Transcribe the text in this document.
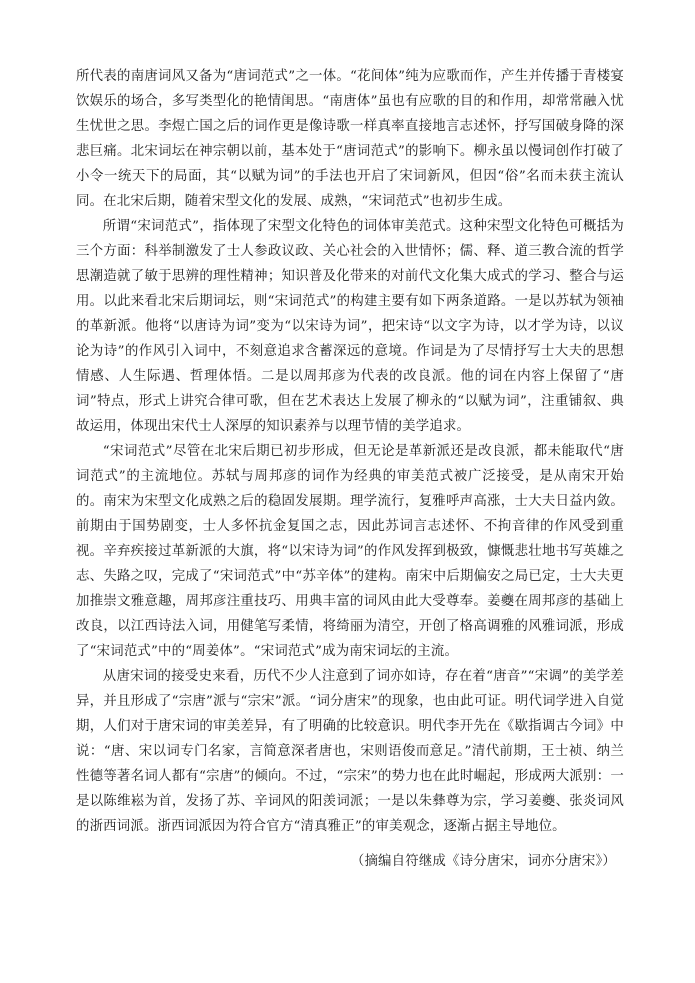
所代表的南唐词风又备为“唐词范式”之一体。“花间体”纯为应歌而作，产生并传播于青楼宴饮娱乐的场合，多写类型化的艳情闺思。“南唐体”虽也有应歌的目的和作用，却常常融入忧生忧世之思。李煜亡国之后的词作更是像诗歌一样真率直接地言志述怀，抒写国破身降的深悲巨痛。北宋词坛在神宗朝以前，基本处于“唐词范式”的影响下。柳永虽以慢词创作打破了小令一统天下的局面，其“以赋为词”的手法也开启了宋词新风，但因“俗”名而未获主流认同。在北宋后期，随着宋型文化的发展、成熟，“宋词范式”也初步生成。

所谓“宋词范式”，指体现了宋型文化特色的词体审美范式。这种宋型文化特色可概括为三个方面：科举制激发了士人参政议政、关心社会的入世情怀；儒、释、道三教合流的哲学思潮造就了敏于思辨的理性精神；知识普及化带来的对前代文化集大成式的学习、整合与运用。以此来看北宋后期词坛，则“宋词范式”的构建主要有如下两条道路。一是以苏轼为领袖的革新派。他将“以唐诗为词”变为“以宋诗为词”，把宋诗“以文字为诗，以才学为诗，以议论为诗”的作风引入词中，不刻意追求含蓄深远的意境。作词是为了尽情抒写士大夫的思想情感、人生际遇、哲理体悟。二是以周邦彦为代表的改良派。他的词在内容上保留了“唐词”特点，形式上讲究合律可歌，但在艺术表达上发展了柳永的“以赋为词”，注重铺叙、典故运用，体现出宋代士人深厚的知识素养与以理节情的美学追求。

“宋词范式”尽管在北宋后期已初步形成，但无论是革新派还是改良派，都未能取代“唐词范式”的主流地位。苏轼与周邦彦的词作为经典的审美范式被广泛接受，是从南宋开始的。南宋为宋型文化成熟之后的稳固发展期。理学流行，复雅呼声高涨，士大夫日益内敛。前期由于国势剧变，士人多怀抗金复国之志，因此苏词言志述怀、不拘音律的作风受到重视。辛弃疾接过革新派的大旗，将“以宋诗为词”的作风发挥到极致，慷慨悲壮地书写英雄之志、失路之叹，完成了“宋词范式”中“苏辛体”的建构。南宋中后期偏安之局已定，士大夫更加推崇文雅意趣，周邦彦注重技巧、用典丰富的词风由此大受尊奉。姜夔在周邦彦的基础上改良，以江西诗法入词，用健笔写柔情，将绮丽为清空，开创了格高调雅的风雅词派，形成了“宋词范式”中的“周姜体”。“宋词范式”成为南宋词坛的主流。

从唐宋词的接受史来看，历代不少人注意到了词亦如诗，存在着“唐音”“宋调”的美学差异，并且形成了“宗唐”派与“宗宋”派。“词分唐宋”的现象，也由此可证。明代词学进入自觉期，人们对于唐宋词的审美差异，有了明确的比较意识。明代李开先在《歇指调古今词》中说：“唐、宋以词专门名家，言简意深者唐也，宋则语俊而意足。”清代前期，王士祯、纳兰性德等著名词人都有“宗唐”的倾向。不过，“宗宋”的势力也在此时崛起，形成两大派别：一是以陈维崧为首，发扬了苏、辛词风的阳羡词派；一是以朱彝尊为宗，学习姜夔、张炎词风的浙西词派。浙西词派因为符合官方“清真雅正”的审美观念，逐渐占据主导地位。

（摘编自符继成《诗分唐宋，词亦分唐宋》）
